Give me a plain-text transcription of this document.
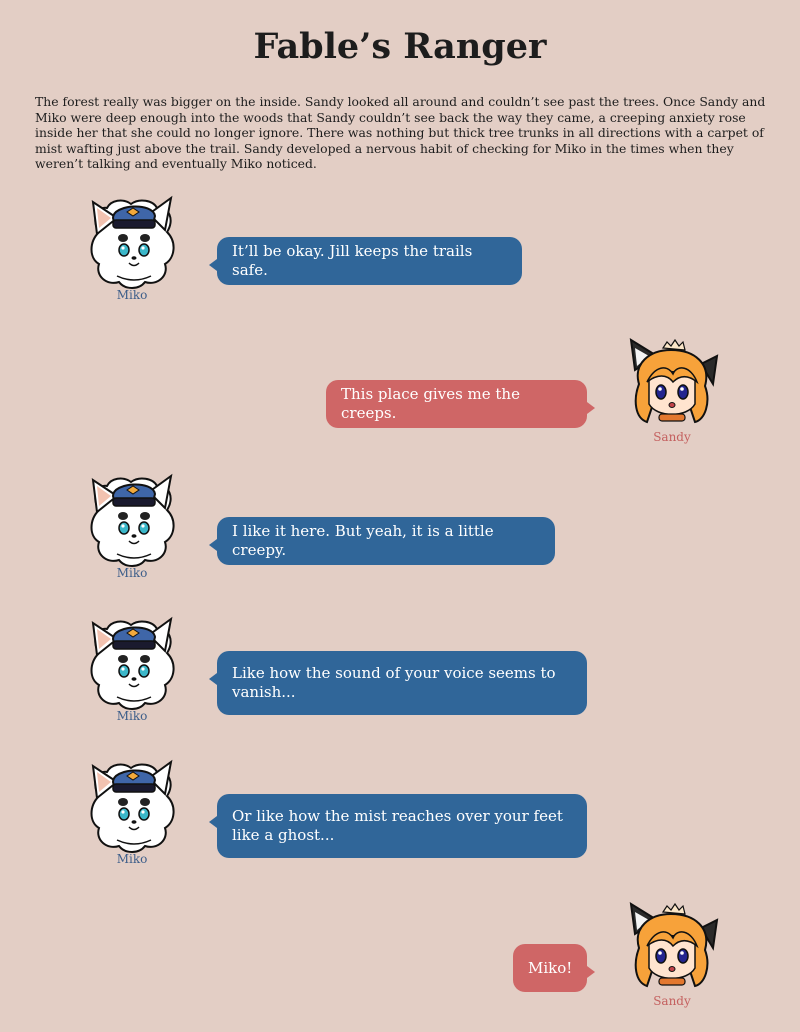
Fable’s Ranger

The forest really was bigger on the inside. Sandy looked all around and couldn’t see past the trees. Once Sandy and Miko were deep enough into the woods that Sandy couldn’t see back the way they came, a creeping anxiety rose inside her that she could no longer ignore. There was nothing but thick tree trunks in all directions with a carpet of mist wafting just above the trail. Sandy developed a nervous habit of checking for Miko in the times when they weren’t talking and eventually Miko noticed.

Miko
It’ll be okay. Jill keeps the trails safe.
This place gives me the creeps.
Sandy
Miko
I like it here. But yeah, it is a little creepy.
Miko
Like how the sound of your voice seems to vanish...
Miko
Or like how the mist reaches over your feet like a ghost...
Miko!
Sandy
